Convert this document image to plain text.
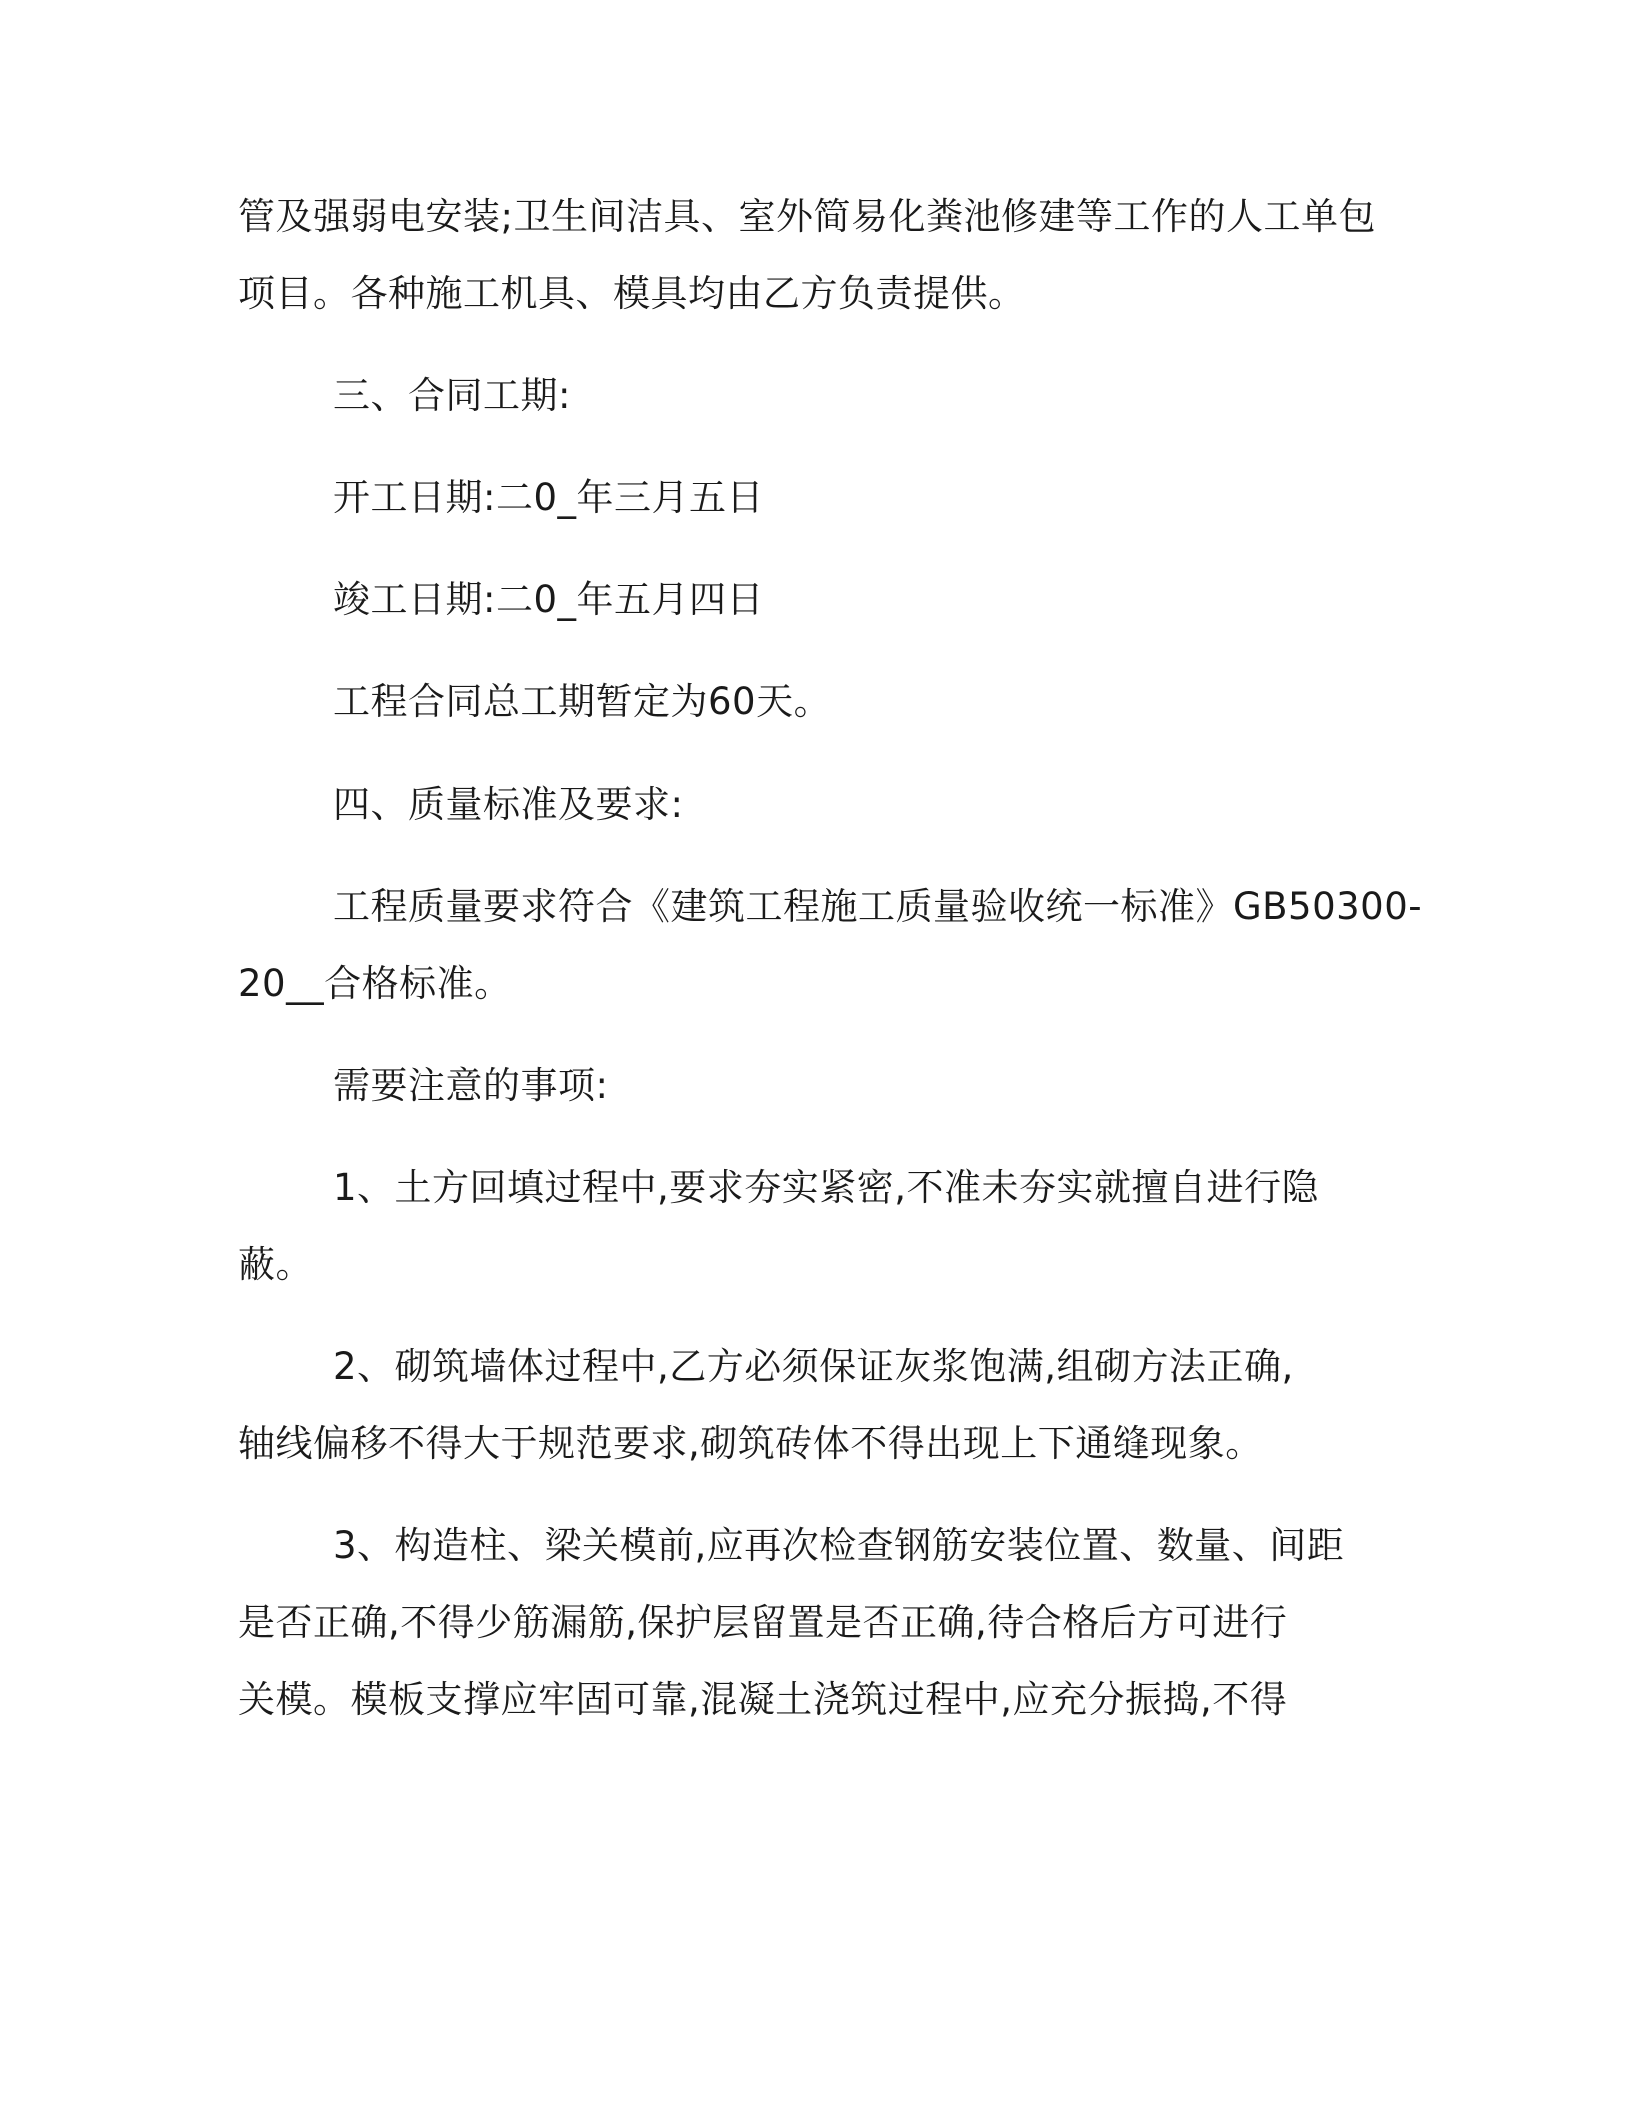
管及强弱电安装;卫生间洁具、室外简易化粪池修建等工作的人工单包
项目。各种施工机具、模具均由乙方负责提供。
三、合同工期:
开工日期:二0_年三月五日
竣工日期:二0_年五月四日
工程合同总工期暂定为60天。
四、质量标准及要求:
工程质量要求符合《建筑工程施工质量验收统一标准》GB50300-
20__合格标准。
需要注意的事项:
1、土方回填过程中,要求夯实紧密,不准未夯实就擅自进行隐
蔽。
2、砌筑墙体过程中,乙方必须保证灰浆饱满,组砌方法正确,
轴线偏移不得大于规范要求,砌筑砖体不得出现上下通缝现象。
3、构造柱、梁关模前,应再次检查钢筋安装位置、数量、间距
是否正确,不得少筋漏筋,保护层留置是否正确,待合格后方可进行
关模。模板支撑应牢固可靠,混凝土浇筑过程中,应充分振捣,不得
